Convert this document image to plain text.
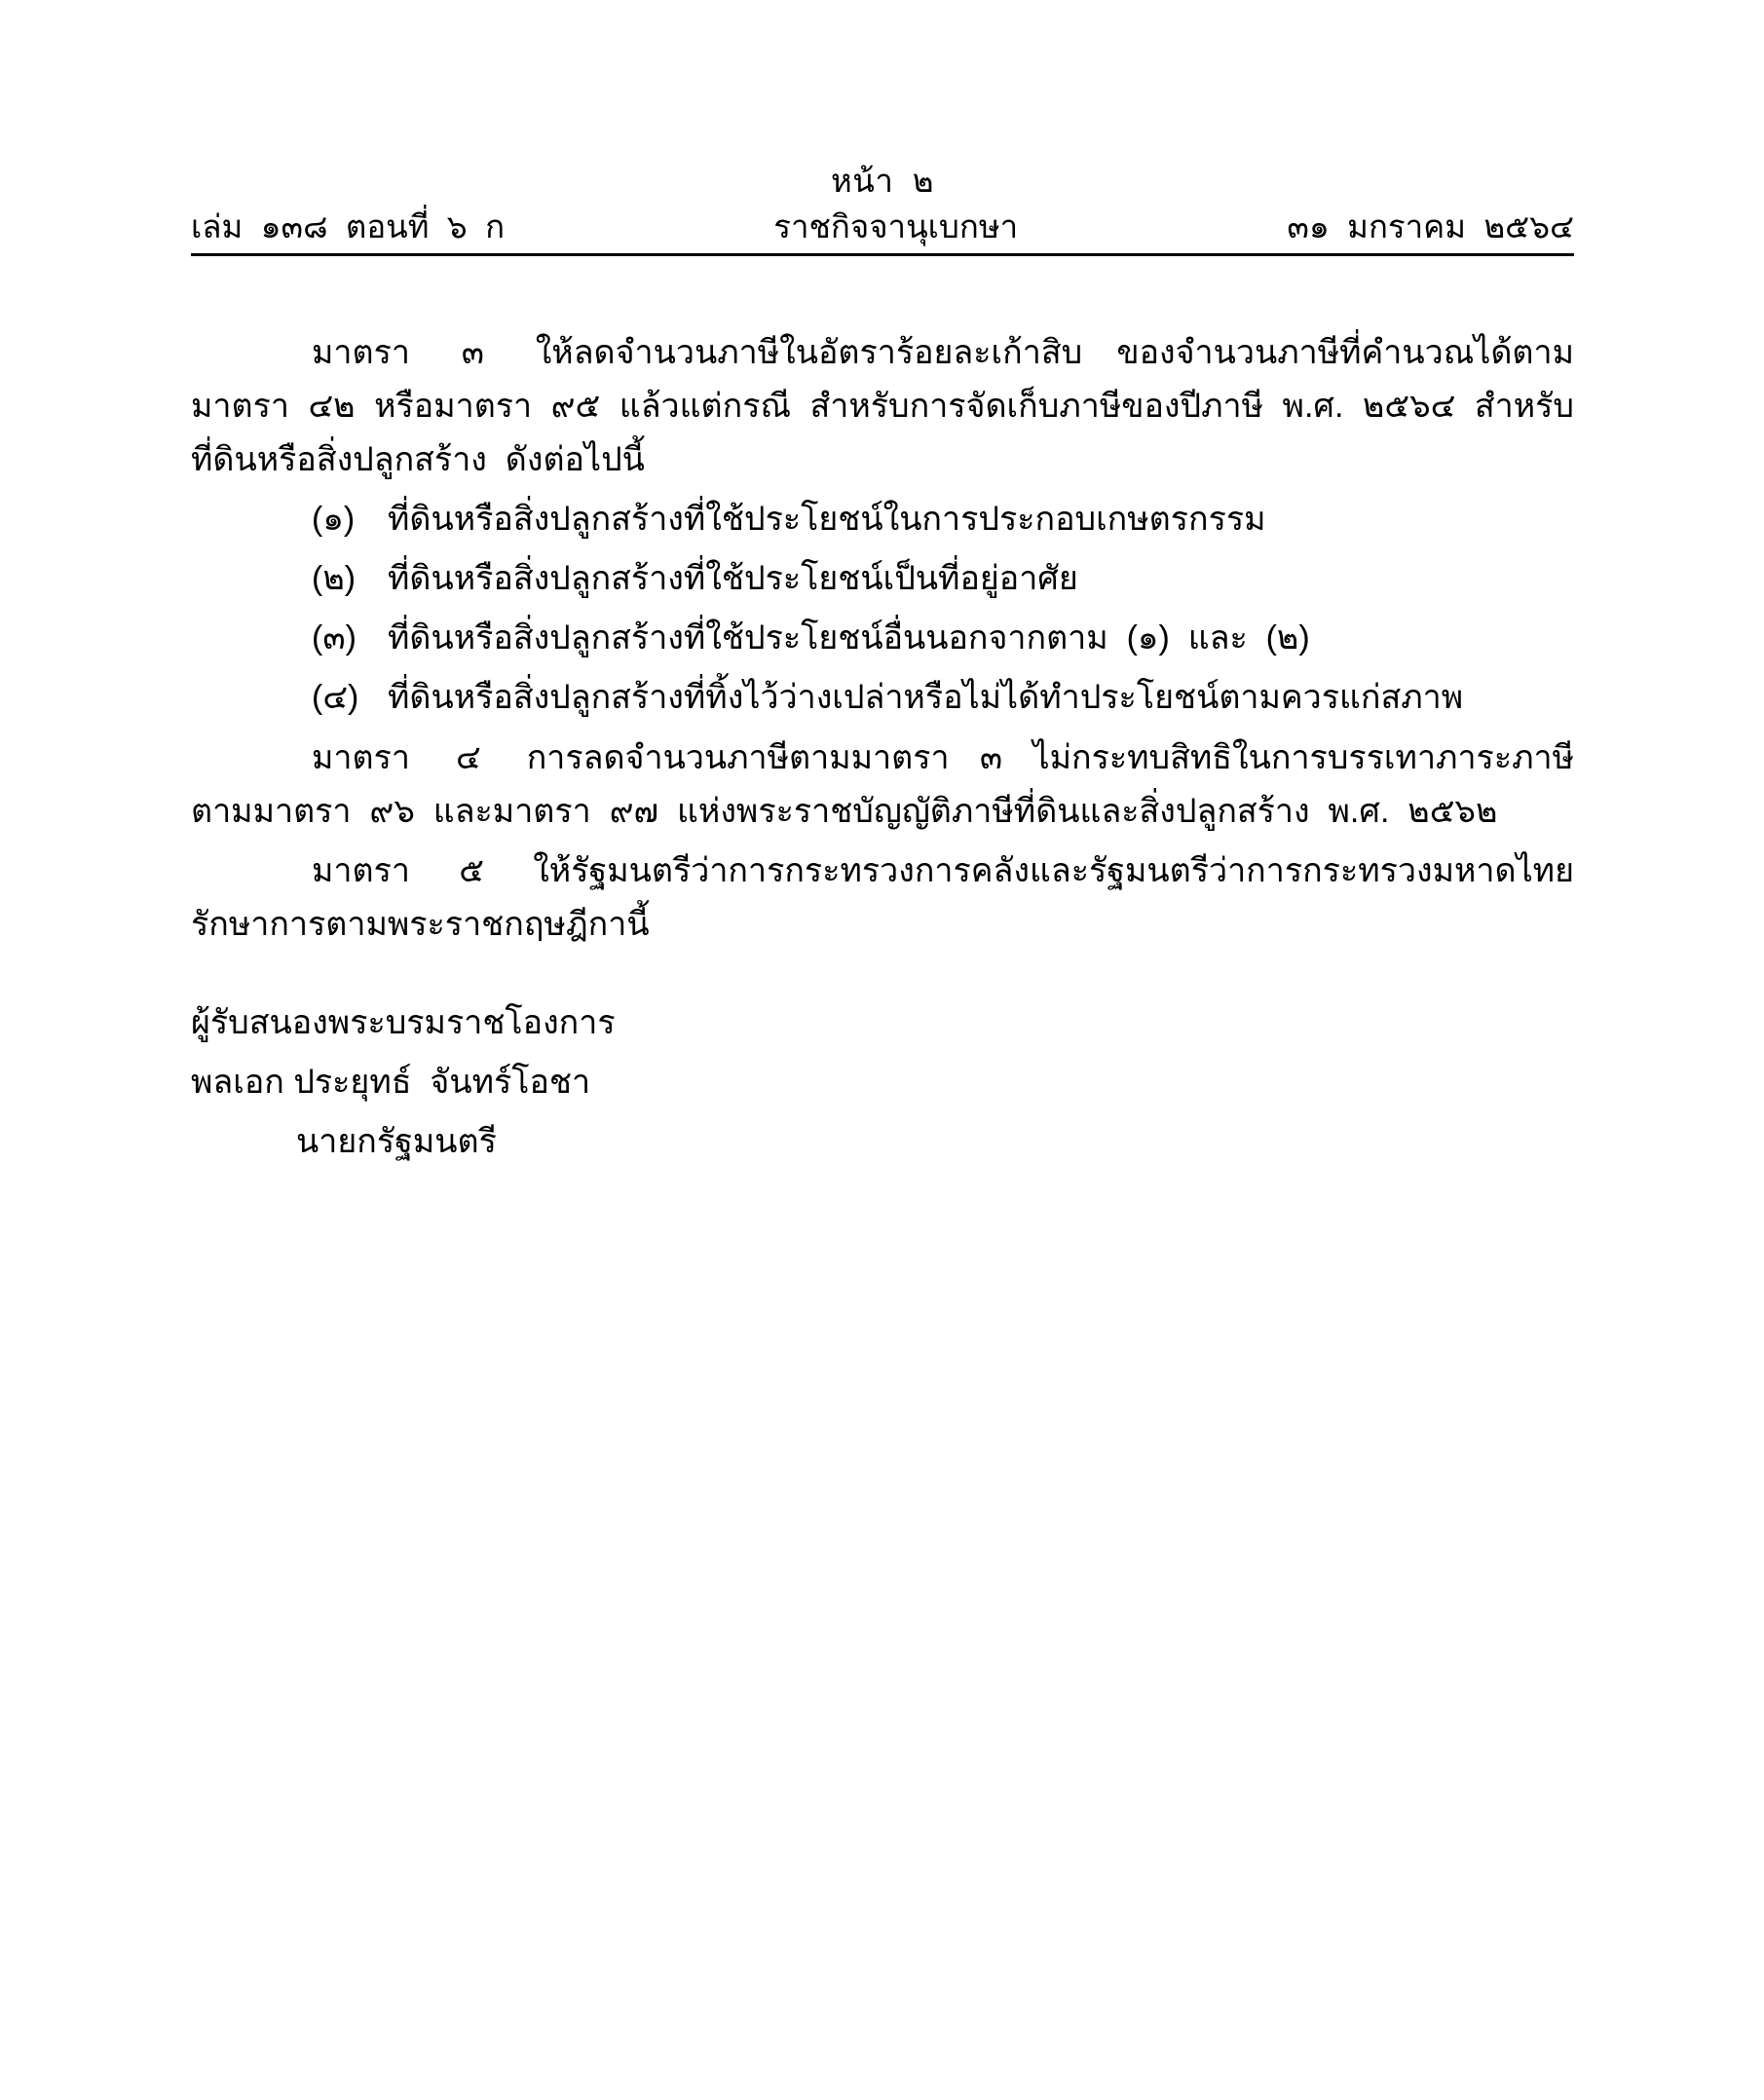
หน้า  ๒
เล่ม  ๑๓๘  ตอนที่  ๖  ก	ราชกิจจานุเบกษา	๓๑  มกราคม  ๒๕๖๔

มาตรา   ๓   ให้ลดจำนวนภาษีในอัตราร้อยละเก้าสิบ  ของจำนวนภาษีที่คำนวณได้ตามมาตรา  ๔๒  หรือมาตรา  ๙๕  แล้วแต่กรณี  สำหรับการจัดเก็บภาษีของปีภาษี  พ.ศ.  ๒๕๖๔  สำหรับที่ดินหรือสิ่งปลูกสร้าง  ดังต่อไปนี้

(๑) ที่ดินหรือสิ่งปลูกสร้างที่ใช้ประโยชน์ในการประกอบเกษตรกรรม
(๒) ที่ดินหรือสิ่งปลูกสร้างที่ใช้ประโยชน์เป็นที่อยู่อาศัย
(๓) ที่ดินหรือสิ่งปลูกสร้างที่ใช้ประโยชน์อื่นนอกจากตาม  (๑)  และ  (๒)
(๔) ที่ดินหรือสิ่งปลูกสร้างที่ทิ้งไว้ว่างเปล่าหรือไม่ได้ทำประโยชน์ตามควรแก่สภาพ

มาตรา   ๔   การลดจำนวนภาษีตามมาตรา  ๓  ไม่กระทบสิทธิในการบรรเทาภาระภาษีตามมาตรา  ๙๖  และมาตรา  ๙๗  แห่งพระราชบัญญัติภาษีที่ดินและสิ่งปลูกสร้าง  พ.ศ.  ๒๕๖๒

มาตรา   ๕   ให้รัฐมนตรีว่าการกระทรวงการคลังและรัฐมนตรีว่าการกระทรวงมหาดไทยรักษาการตามพระราชกฤษฎีกานี้

ผู้รับสนองพระบรมราชโองการ

พลเอก ประยุทธ์  จันทร์โอชา

นายกรัฐมนตรี
